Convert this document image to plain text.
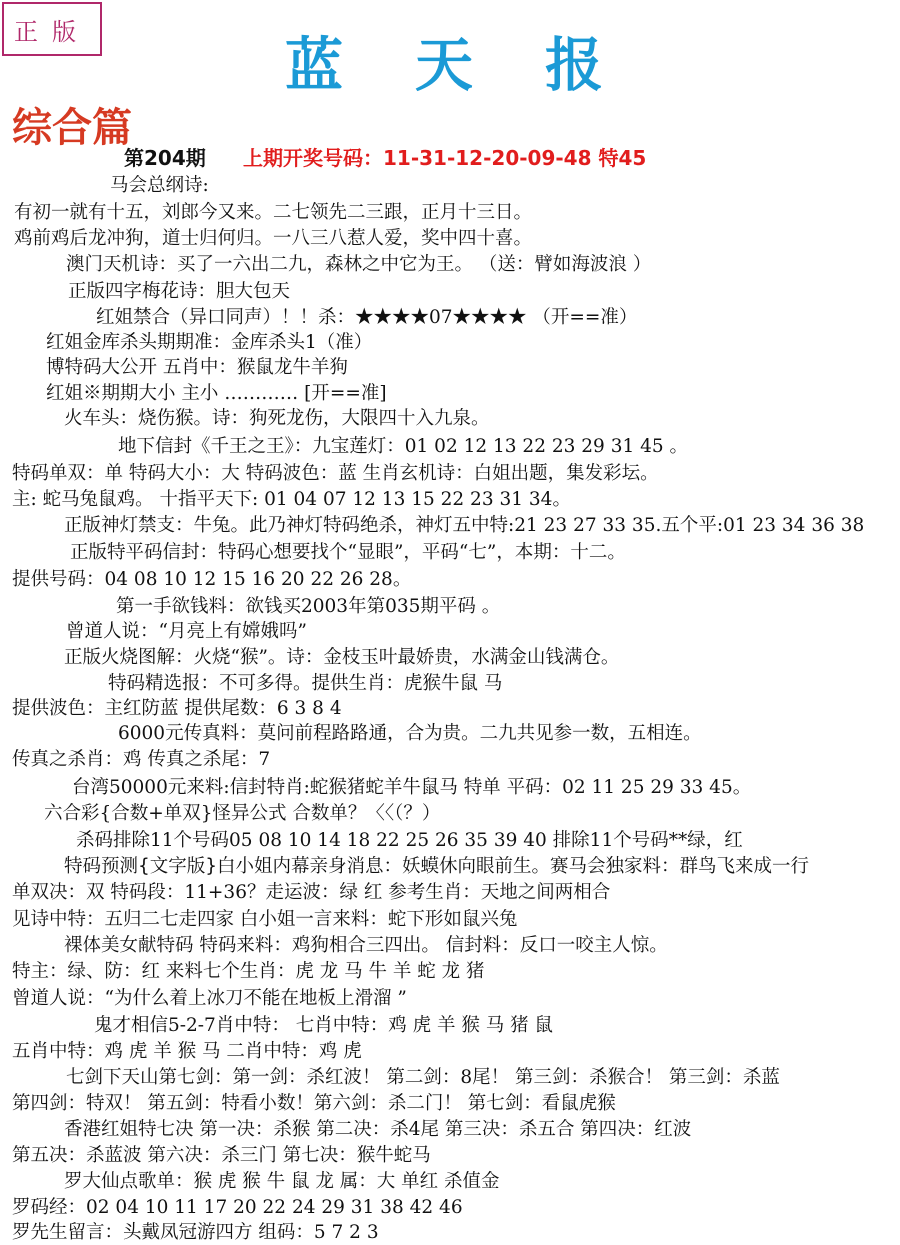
正版	蓝天报
综合篇
第204期 上期开奖号码：11-31-12-20-09-48 特45
马会总纲诗:
有初一就有十五，刘郎今又来。二七领先二三跟，正月十三日。
鸡前鸡后龙冲狗，道士归何归。一八三八惹人爱，奖中四十喜。
澳门天机诗：买了一六出二九，森林之中它为王。 （送：臂如海波浪 ）
正版四字梅花诗：胆大包天
红姐禁合（异口同声）！！杀：★★★★07★★★★ （开==准）
红姐金库杀头期期准：金库杀头1（准）
博特码大公开 五肖中：猴鼠龙牛羊狗
红姐※期期大小 主小 ………… [开==准]
火车头：烧伤猴。诗：狗死龙伤，大限四十入九泉。
地下信封《千王之王》：九宝莲灯：01 02 12 13 22 23 29 31 45 。
特码单双：单 特码大小：大 特码波色：蓝 生肖玄机诗：白姐出题，集发彩坛。
主: 蛇马兔鼠鸡。 十指平天下: 01 04 07 12 13 15 22 23 31 34。
正版神灯禁支：牛兔。此乃神灯特码绝杀，神灯五中特:21 23 27 33 35.五个平:01 23 34 36 38
正版特平码信封：特码心想要找个“显眼”，平码“七”，本期：十二。
提供号码：04 08 10 12 15 16 20 22 26 28。
第一手欲钱料：欲钱买2003年第035期平码 。
曾道人说：“月亮上有嫦娥吗”
正版火烧图解：火烧“猴”。诗：金枝玉叶最娇贵，水满金山钱满仓。
特码精选报：不可多得。提供生肖：虎猴牛鼠 马
提供波色：主红防蓝 提供尾数：6 3 8 4
6000元传真料：莫问前程路路通，合为贵。二九共见参一数，五相连。
传真之杀肖：鸡 传真之杀尾：7
台湾50000元来料:信封特肖:蛇猴猪蛇羊牛鼠马 特单 平码：02 11 25 29 33 45。
六合彩{合数+单双}怪异公式 合数单？〈〈（？）
杀码排除11个号码05 08 10 14 18 22 25 26 35 39 40 排除11个号码**绿，红
特码预测{文字版}白小姐内幕亲身消息：妖蟆休向眼前生。赛马会独家料：群鸟飞来成一行
单双决：双 特码段：11+36？走运波：绿 红 参考生肖：天地之间两相合
见诗中特：五归二七走四家 白小姐一言来料：蛇下形如鼠兴兔
裸体美女献特码 特码来料：鸡狗相合三四出。 信封料：反口一咬主人惊。
特主：绿、防：红 来料七个生肖：虎 龙 马 牛 羊 蛇 龙 猪
曾道人说：“为什么着上冰刀不能在地板上滑溜 ”
鬼才相信5-2-7肖中特： 七肖中特：鸡 虎 羊 猴 马 猪 鼠
五肖中特：鸡 虎 羊 猴 马 二肖中特：鸡 虎
七剑下天山第七剑：第一剑：杀红波！ 第二剑：8尾！ 第三剑：杀猴合！ 第三剑：杀蓝
第四剑：特双！ 第五剑：特看小数！第六剑：杀二门！ 第七剑：看鼠虎猴
香港红姐特七决 第一决：杀猴 第二决：杀4尾 第三决：杀五合 第四决：红波
第五决：杀蓝波 第六决：杀三门 第七决：猴牛蛇马
罗大仙点歌单：猴 虎 猴 牛 鼠 龙 属：大 单红 杀值金
罗码经：02 04 10 11 17 20 22 24 29 31 38 42 46
罗先生留言：头戴凤冠游四方 组码：5 7 2 3
